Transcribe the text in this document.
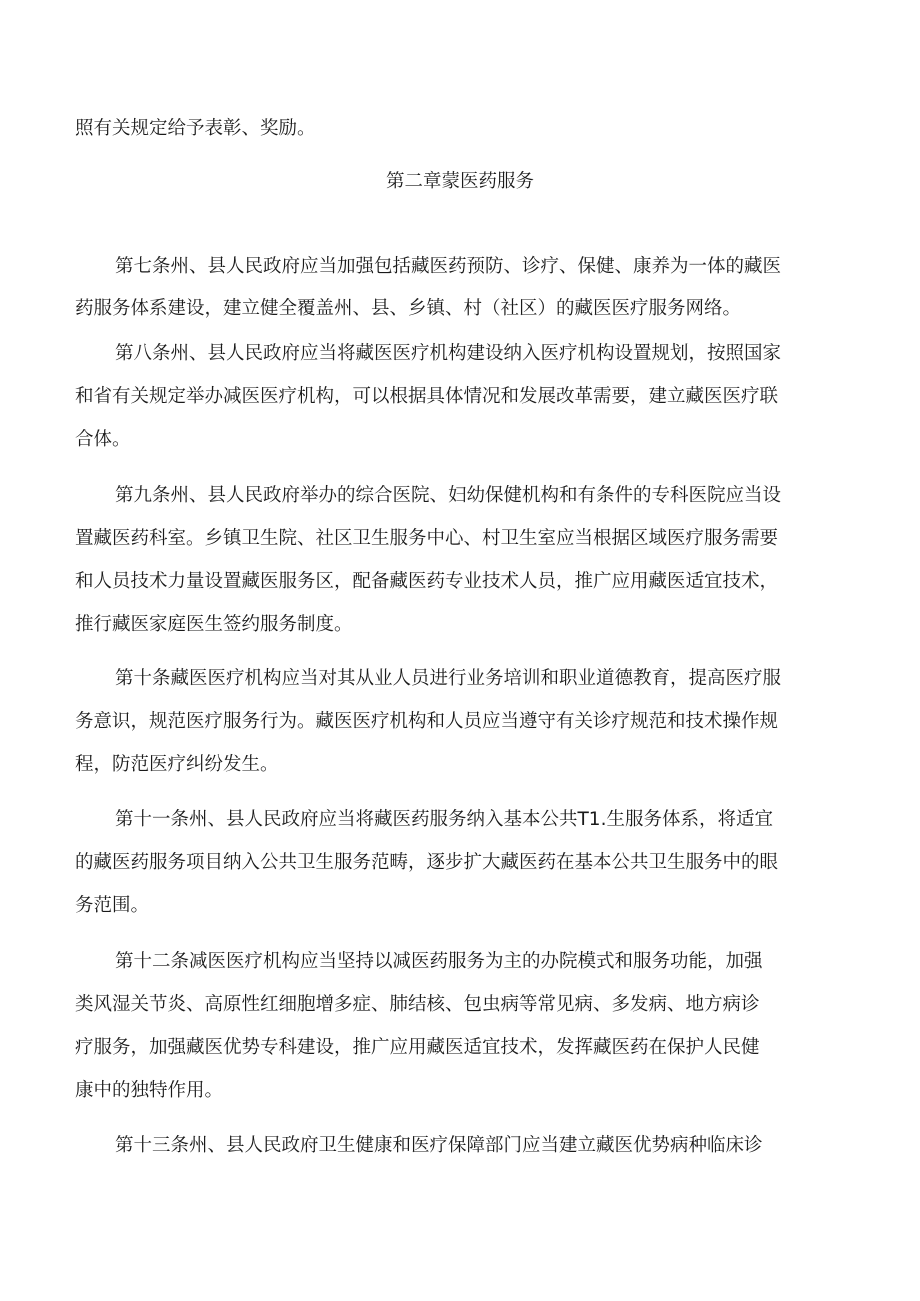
照有关规定给予表彰、奖励。

第二章蒙医药服务

第七条州、县人民政府应当加强包括藏医药预防、诊疗、保健、康养为一体的藏医

药服务体系建设，建立健全覆盖州、县、乡镇、村（社区）的藏医医疗服务网络。

第八条州、县人民政府应当将藏医医疗机构建设纳入医疗机构设置规划，按照国家

和省有关规定举办减医医疗机构，可以根据具体情况和发展改革需要，建立藏医医疗联

合体。

第九条州、县人民政府举办的综合医院、妇幼保健机构和有条件的专科医院应当设

置藏医药科室。乡镇卫生院、社区卫生服务中心、村卫生室应当根据区域医疗服务需要

和人员技术力量设置藏医服务区，配备藏医药专业技术人员，推广应用藏医适宜技术，

推行藏医家庭医生签约服务制度。

第十条藏医医疗机构应当对其从业人员进行业务培训和职业道德教育，提高医疗服

务意识，规范医疗服务行为。藏医医疗机构和人员应当遵守有关诊疗规范和技术操作规

程，防范医疗纠纷发生。

第十一条州、县人民政府应当将藏医药服务纳入基本公共T1.生服务体系，将适宜

的藏医药服务项目纳入公共卫生服务范畴，逐步扩大藏医药在基本公共卫生服务中的眼

务范围。

第十二条减医医疗机构应当坚持以减医药服务为主的办院模式和服务功能，加强

类风湿关节炎、高原性红细胞增多症、肺结核、包虫病等常见病、多发病、地方病诊

疗服务，加强藏医优势专科建设，推广应用藏医适宜技术，发挥藏医药在保护人民健

康中的独特作用。

第十三条州、县人民政府卫生健康和医疗保障部门应当建立藏医优势病种临床诊
